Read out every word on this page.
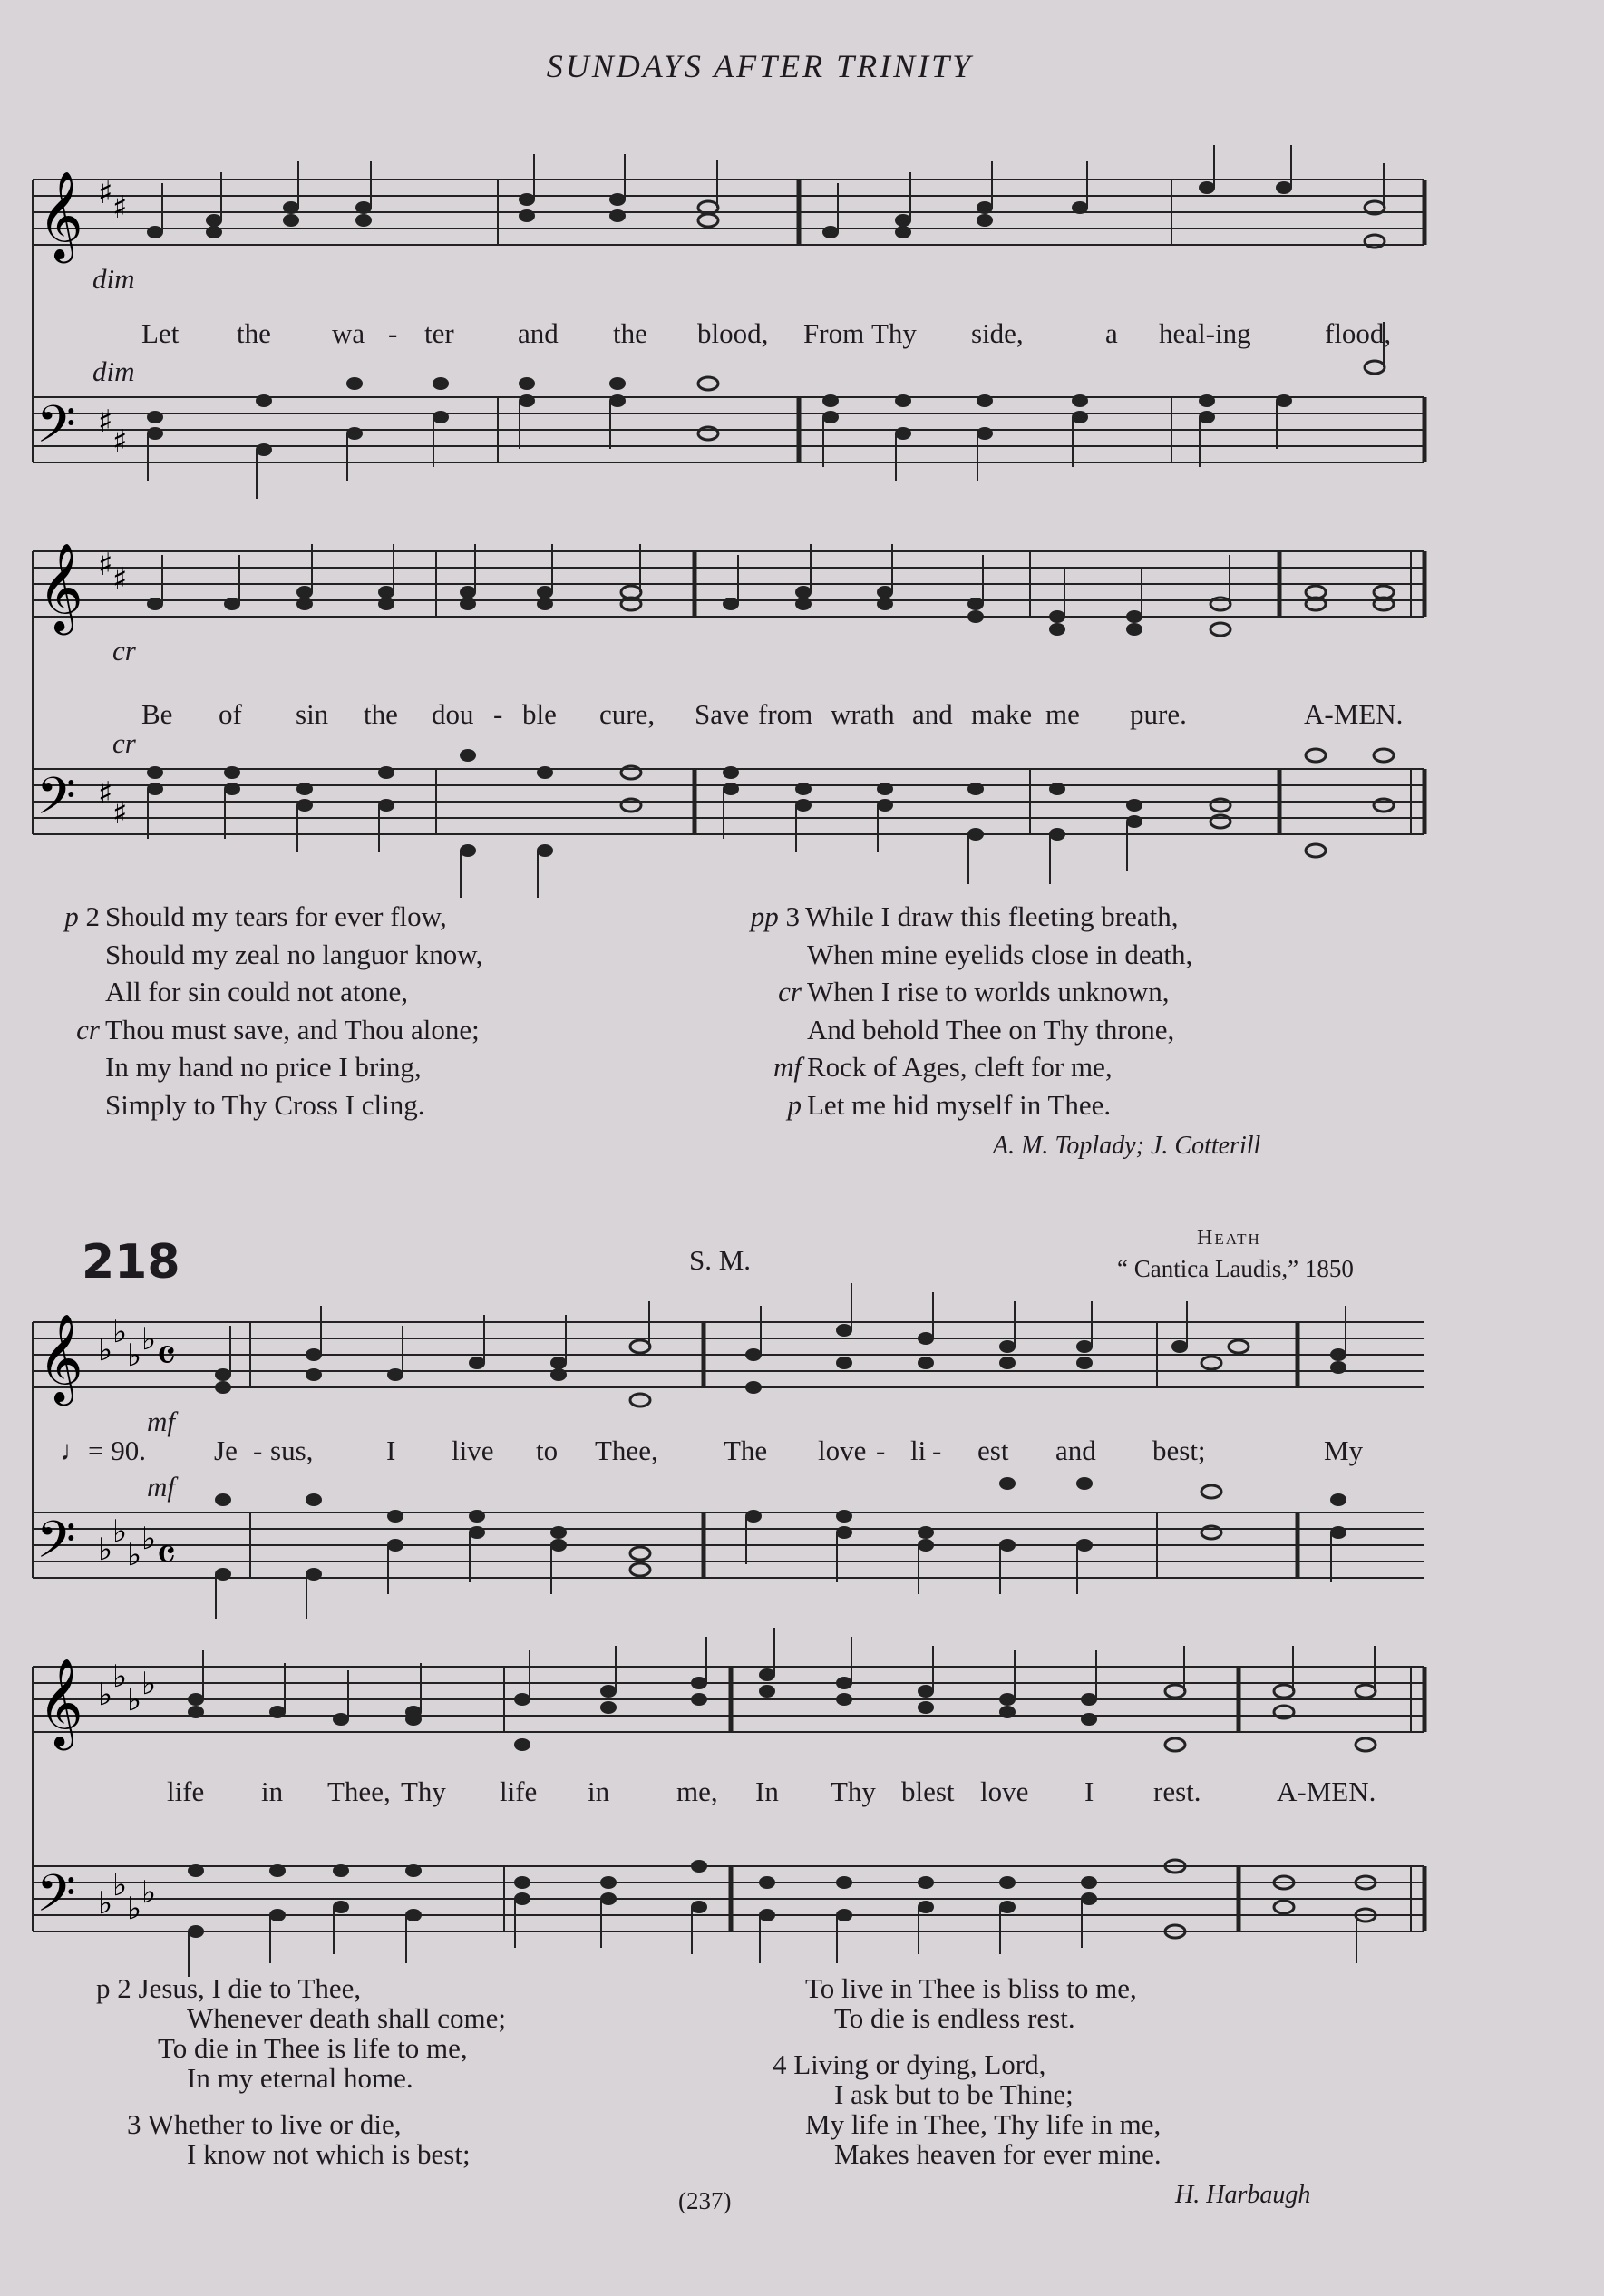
SUNDAYS AFTER TRINITY
𝄞 ♯ ♯
𝄢 ♯
♯
dim
dim
Let the wa - ter and the blood, From Thy side,	a heal-ing	flood,
𝄞 ♯ ♯
𝄢 ♯
♯
cr
cr
Be of sin the dou - ble cure, Save from wrath and make me pure.	A-MEN.
p 2 Should my tears for ever flow,
Should my zeal no languor know,
All for sin could not atone,
cr Thou must save, and Thou alone;
In my hand no price I bring,
Simply to Thy Cross I cling.
pp 3 While I draw this fleeting breath,
When mine eyelids close in death,
cr When I rise to worlds unknown,
And behold Thee on Thy throne,
mf Rock of Ages, cleft for me,
p Let me hid myself in Thee.
A. M. Toplady; J. Cotterill
218	S. M.
Heath
“ Cantica Laudis,” 1850
𝄞 ♭ ♭
♭ ♭ 𝄴
𝄢 ♭ ♭
♭ ♭ 𝄴
mf
mf
♩= 90. Je - sus,	I live to Thee, The love - li - est and best;	My
𝄞 ♭ ♭
♭ ♭
𝄢 ♭ ♭
♭ ♭
life in Thee, Thy life in me, In Thy blest love I rest.	A-MEN.
p 2 Jesus, I die to Thee,
Whenever death shall come;
To die in Thee is life to me,
In my eternal home.
3 Whether to live or die,
I know not which is best;
To live in Thee is bliss to me,
To die is endless rest.
4 Living or dying, Lord,
I ask but to be Thine;
My life in Thee, Thy life in me,
Makes heaven for ever mine.
(237)	H. Harbaugh
